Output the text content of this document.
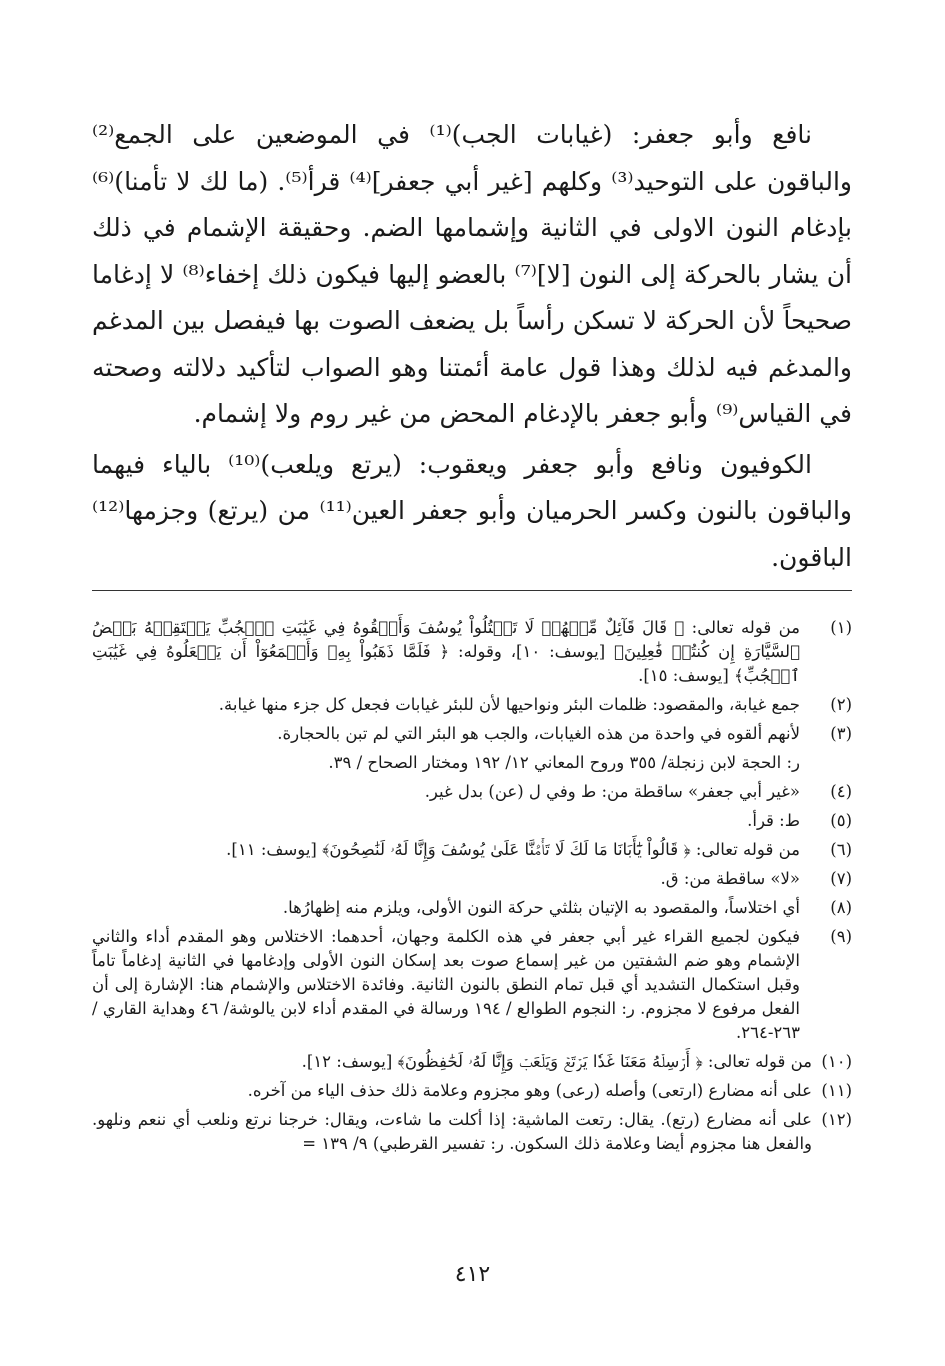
نافع وأبو جعفر: (غيابات الجب)⁽¹⁾ في الموضعين على الجمع⁽²⁾ والباقون على التوحيد⁽³⁾ وكلهم [غير أبي جعفر]⁽⁴⁾ قرأ⁽⁵⁾. (ما لك لا تأمنا)⁽⁶⁾ بإدغام النون الاولى في الثانية وإشمامها الضم. وحقيقة الإشمام في ذلك أن يشار بالحركة إلى النون [لا]⁽⁷⁾ بالعضو إليها فيكون ذلك إخفاء⁽⁸⁾ لا إدغاما صحيحاً لأن الحركة لا تسكن رأساً بل يضعف الصوت بها فيفصل بين المدغم والمدغم فيه لذلك وهذا قول عامة أئمتنا وهو الصواب لتأكيد دلالته وصحته في القياس⁽⁹⁾ وأبو جعفر بالإدغام المحض من غير روم ولا إشمام.

الكوفيون ونافع وأبو جعفر ويعقوب: (يرتع ويلعب)⁽¹⁰⁾ بالياء فيهما والباقون بالنون وكسر الحرميان وأبو جعفر العين⁽¹¹⁾ من (يرتع) وجزمها⁽¹²⁾ الباقون.

(١)
من قوله تعالى: ﴿ قَالَ قَآئِلٌ مِّنۡهُمۡ لَا تَقۡتُلُواْ يُوسُفَ وَأَلۡقُوهُ فِي غَيَٰبَتِ ٱلۡجُبِّ يَلۡتَقِطۡهُ بَعۡضُ ٱلسَّيَّارَةِ إِن كُنتُمۡ فَٰعِلِينَ﴾ [يوسف: ١٠]، وقوله: ﴿ فَلَمَّا ذَهَبُواْ بِهِۦ وَأَجۡمَعُوٓاْ أَن يَجۡعَلُوهُ فِي غَيَٰبَتِ ٱلۡجُبِّ﴾ [يوسف: ١٥].
(٢)
جمع غيابة، والمقصود: ظلمات البئر ونواحيها لأن للبئر غيابات فجعل كل جزء منها غيابة.
(٣)
لأنهم ألقوه في واحدة من هذه الغيابات، والجب هو البئر التي لم تبن بالحجارة.
ر: الحجة لابن زنجلة/ ٣٥٥ وروح المعاني ١٢/ ١٩٢ ومختار الصحاح / ٣٩.
(٤)
«غير أبي جعفر» ساقطة من: ط وفي ل (عن) بدل غير.
(٥)
ط: قرأ.
(٦)
من قوله تعالى: ﴿ قَالُواْ يَٰٓأَبَانَا مَا لَكَ لَا تَأۡمَ۫نَّا عَلَىٰ يُوسُفَ وَإِنَّا لَهُۥ لَنَٰصِحُونَ﴾ [يوسف: ١١].
(٧)
«لا» ساقطة من: ق.
(٨)
أي اختلاساً، والمقصود به الإتيان بثلثي حركة النون الأولى، ويلزم منه إظهارُها.
(٩)
فيكون لجميع القراء غير أبي جعفر في هذه الكلمة وجهان، أحدهما: الاختلاس وهو المقدم أداء والثاني الإشمام وهو ضم الشفتين من غير إسماع صوت بعد إسكان النون الأولى وإدغامها في الثانية إدغاماً تاماً وقبل استكمال التشديد أي قبل تمام النطق بالنون الثانية. وفائدة الاختلاس والإشمام هنا: الإشارة إلى أن الفعل مرفوع لا مجزوم. ر: النجوم الطوالع / ١٩٤ ورسالة في المقدم أداء لابن يالوشة/ ٤٦ وهداية القاري / ٢٦٣-٢٦٤.
(١٠)
من قوله تعالى: ﴿ أَرۡسِلۡهُ مَعَنَا غَدٗا يَرۡتَعۡ وَيَلۡعَبۡ وَإِنَّا لَهُۥ لَحَٰفِظُونَ﴾ [يوسف: ١٢].
(١١)
على أنه مضارع (ارتعى) وأصله (رعى) وهو مجزوم وعلامة ذلك حذف الياء من آخره.
(١٢)
على أنه مضارع (رتع). يقال: رتعت الماشية: إذا أكلت ما شاءت، ويقال: خرجنا نرتع ونلعب أي ننعم ونلهو. والفعل هنا مجزوم أيضا وعلامة ذلك السكون. ر: تفسير القرطبي) ٩/ ١٣٩ =
٤١٢
